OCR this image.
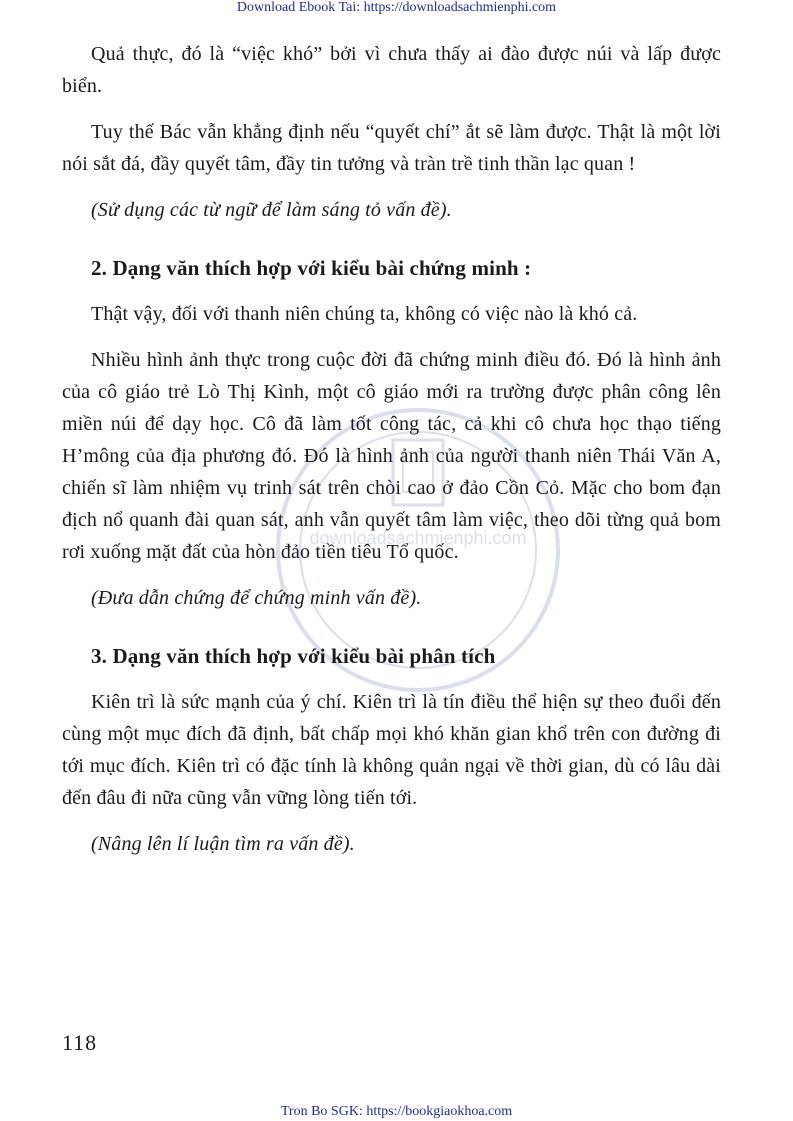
Download Ebook Tai: https://downloadsachmienphi.com
downloadsachmienphi.com

Quả thực, đó là “việc khó” bởi vì chưa thấy ai đào được núi và lấp được biển.

Tuy thế Bác vẫn khẳng định nếu “quyết chí” ắt sẽ làm được. Thật là một lời nói sắt đá, đầy quyết tâm, đầy tin tưởng và tràn trề tinh thần lạc quan !

(Sử dụng các từ ngữ để làm sáng tỏ vấn đề).

2. Dạng văn thích hợp với kiểu bài chứng minh :

Thật vậy, đối với thanh niên chúng ta, không có việc nào là khó cả.

Nhiều hình ảnh thực trong cuộc đời đã chứng minh điều đó. Đó là hình ảnh của cô giáo trẻ Lò Thị Kình, một cô giáo mới ra trường được phân công lên miền núi để dạy học. Cô đã làm tốt công tác, cả khi cô chưa học thạo tiếng H’mông của địa phương đó. Đó là hình ảnh của người thanh niên Thái Văn A, chiến sĩ làm nhiệm vụ trinh sát trên chòi cao ở đảo Cồn Cỏ. Mặc cho bom đạn địch nổ quanh đài quan sát, anh vẫn quyết tâm làm việc, theo dõi từng quả bom rơi xuống mặt đất của hòn đảo tiền tiêu Tổ quốc.

(Đưa dẫn chứng để chứng minh vấn đề).

3. Dạng văn thích hợp với kiểu bài phân tích

Kiên trì là sức mạnh của ý chí. Kiên trì là tín điều thể hiện sự theo đuổi đến cùng một mục đích đã định, bất chấp mọi khó khăn gian khổ trên con đường đi tới mục đích. Kiên trì có đặc tính là không quản ngại về thời gian, dù có lâu dài đến đâu đi nữa cũng vẫn vững lòng tiến tới.

(Nâng lên lí luận tìm ra vấn đề).

118
Tron Bo SGK: https://bookgiaokhoa.com
